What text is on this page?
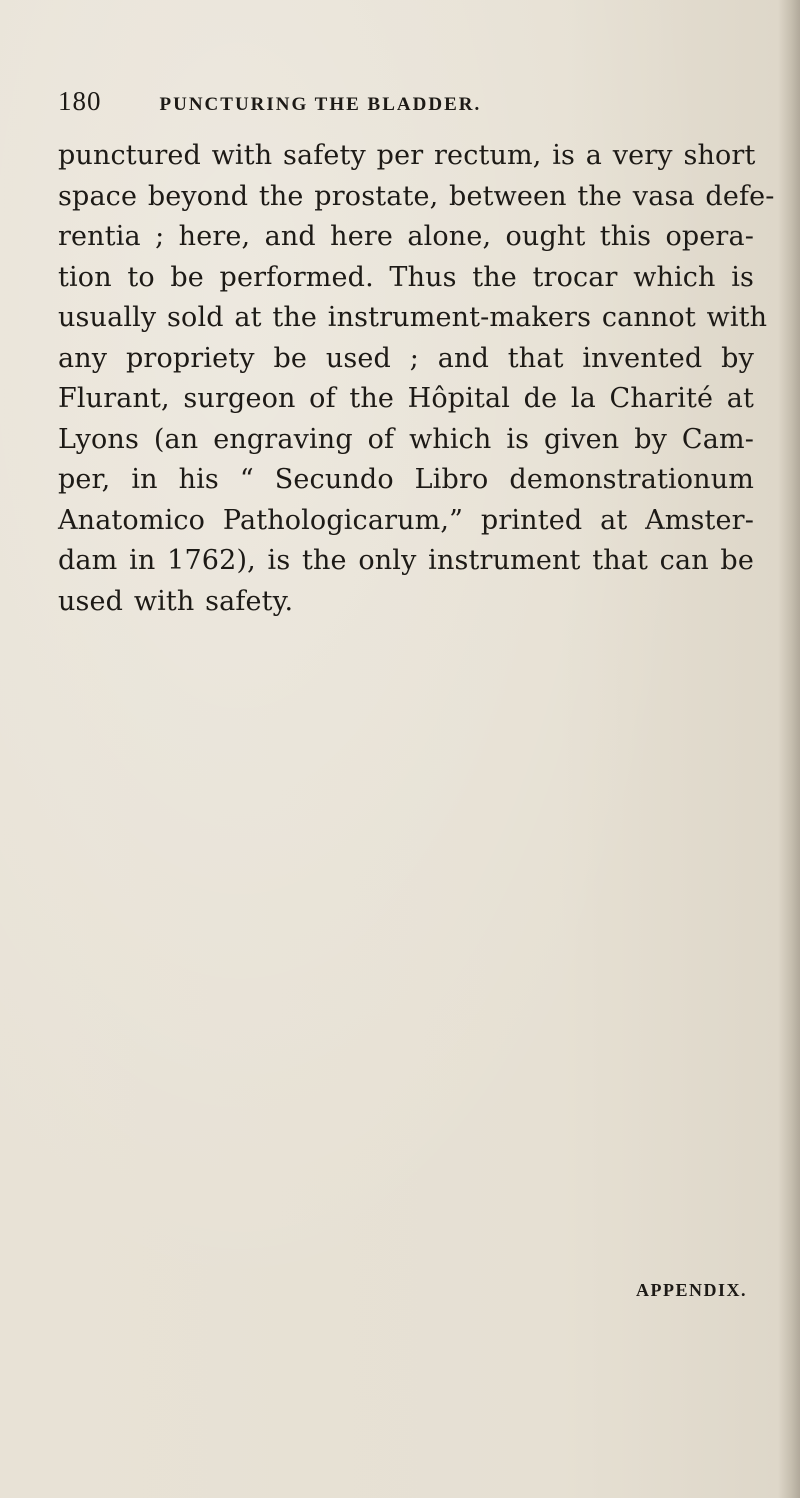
180	PUNCTURING THE BLADDER.

punctured with safety per rectum, is a very short
space beyond the prostate, between the vasa defe-
rentia ; here, and here alone, ought this opera-
tion to be performed. Thus the trocar which is
usually sold at the instrument-makers cannot with
any propriety be used ; and that invented by
Flurant, surgeon of the Hôpital de la Charité at
Lyons (an engraving of which is given by Cam-
per, in his “ Secundo Libro demonstrationum
Anatomico Pathologicarum,” printed at Amster-
dam in 1762), is the only instrument that can be
used with safety.

APPENDIX.
